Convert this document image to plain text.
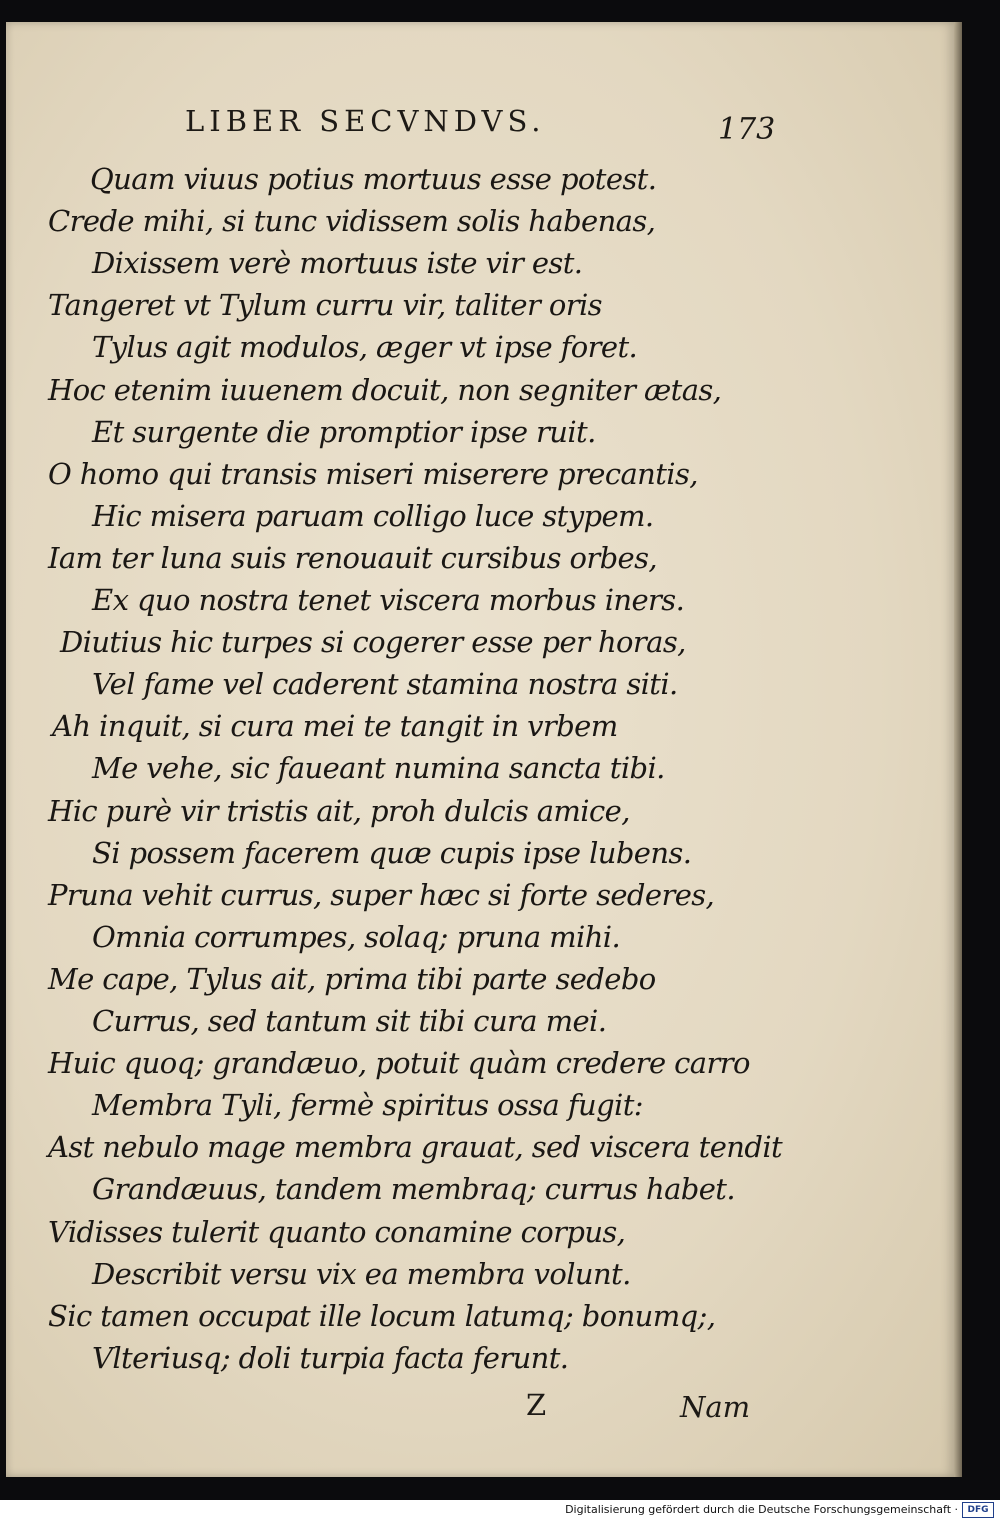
LIBER SECVNDVS.	173
Quam viuus potius mortuus esse potest.
Crede mihi, si tunc vidissem solis habenas,
Dixissem verè mortuus iste vir est.
Tangeret vt Tylum curru vir, taliter oris
Tylus agit modulos, æger vt ipse foret.
Hoc etenim iuuenem docuit, non segniter ætas,
Et surgente die promptior ipse ruit.
O homo qui transis miseri miserere precantis,
Hic misera paruam colligo luce stypem.
Iam ter luna suis renouauit cursibus orbes,
Ex quo nostra tenet viscera morbus iners.
Diutius hic turpes si cogerer esse per horas,
Vel fame vel caderent stamina nostra siti.
Ah inquit, si cura mei te tangit in vrbem
Me vehe, sic faueant numina sancta tibi.
Hic purè vir tristis ait, proh dulcis amice,
Si possem facerem quæ cupis ipse lubens.
Pruna vehit currus, super hæc si forte sederes,
Omnia corrumpes, solaq; pruna mihi.
Me cape, Tylus ait, prima tibi parte sedebo
Currus, sed tantum sit tibi cura mei.
Huic quoq; grandæuo, potuit quàm credere carro
Membra Tyli, fermè spiritus ossa fugit:
Ast nebulo mage membra grauat, sed viscera tendit
Grandæuus, tandem membraq; currus habet.
Vidisses tulerit quanto conamine corpus,
Describit versu vix ea membra volunt.
Sic tamen occupat ille locum latumq; bonumq;,
Vlteriusq; doli turpia facta ferunt.
Z	Nam
Digitalisierung gefördert durch die Deutsche Forschungsgemeinschaft ·	DFG
